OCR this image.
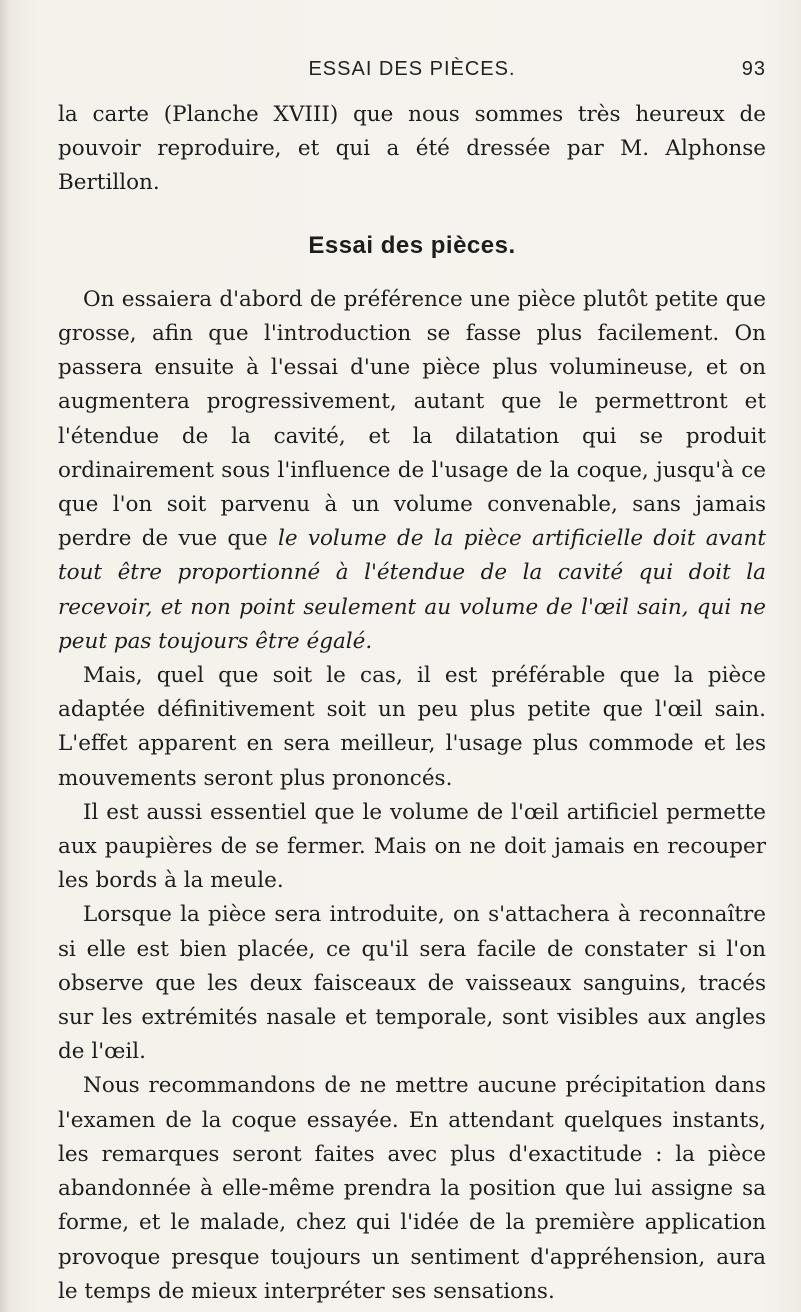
ESSAI DES PIÈCES.	93

la carte (Planche XVIII) que nous sommes très heureux de pouvoir reproduire, et qui a été dressée par M. Alphonse Bertillon.

Essai des pièces.

On essaiera d'abord de préférence une pièce plutôt petite que grosse, afin que l'introduction se fasse plus facilement. On passera ensuite à l'essai d'une pièce plus volumineuse, et on augmentera progressivement, autant que le permettront et l'étendue de la cavité, et la dilatation qui se produit ordinairement sous l'influence de l'usage de la coque, jusqu'à ce que l'on soit parvenu à un volume convenable, sans jamais perdre de vue que le volume de la pièce artificielle doit avant tout être proportionné à l'étendue de la cavité qui doit la recevoir, et non point seulement au volume de l'œil sain, qui ne peut pas toujours être égalé.

Mais, quel que soit le cas, il est préférable que la pièce adaptée définitivement soit un peu plus petite que l'œil sain. L'effet apparent en sera meilleur, l'usage plus commode et les mouvements seront plus prononcés.

Il est aussi essentiel que le volume de l'œil artificiel permette aux paupières de se fermer. Mais on ne doit jamais en recouper les bords à la meule.

Lorsque la pièce sera introduite, on s'attachera à reconnaître si elle est bien placée, ce qu'il sera facile de constater si l'on observe que les deux faisceaux de vaisseaux sanguins, tracés sur les extrémités nasale et temporale, sont visibles aux angles de l'œil.

Nous recommandons de ne mettre aucune précipitation dans l'examen de la coque essayée. En attendant quelques instants, les remarques seront faites avec plus d'exactitude : la pièce abandonnée à elle-même prendra la position que lui assigne sa forme, et le malade, chez qui l'idée de la première application provoque presque toujours un sentiment d'appréhension, aura le temps de mieux interpréter ses sensations.
